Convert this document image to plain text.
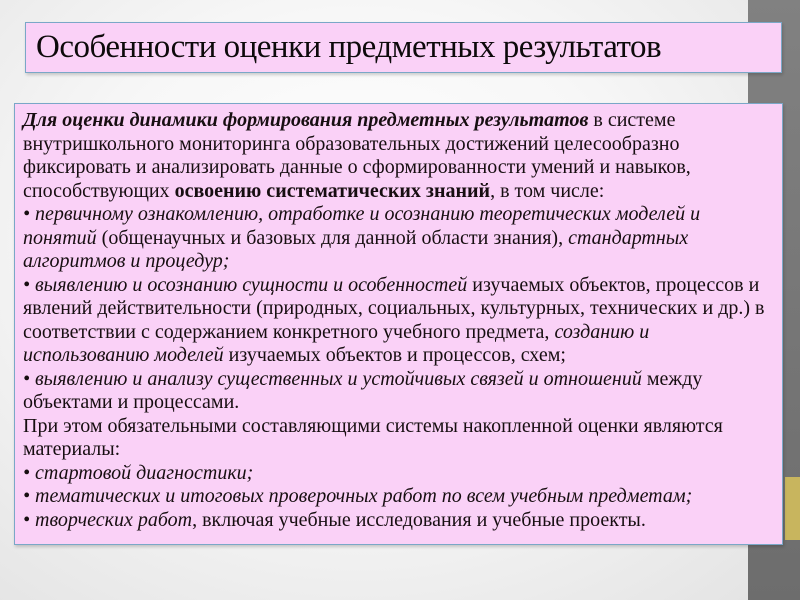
Особенности оценки предметных результатов

Для оценки динамики формирования предметных результатов в системе внутришкольного мониторинга образовательных достижений целесообразно фиксировать и анализировать данные о сформированности умений и навыков, способствующих освоению систематических знаний, в том числе:

• первичному ознакомлению, отработке и осознанию теоретических моделей и понятий (общенаучных и базовых для данной области знания), стандартных алгоритмов и процедур;

• выявлению и осознанию сущности и особенностей изучаемых объектов, процессов и явлений действительности (природных, социальных, культурных, технических и др.) в соответствии с содержанием конкретного учебного предмета, созданию и использованию моделей изучаемых объектов и процессов, схем;

• выявлению и анализу существенных и устойчивых связей и отношений между объектами и процессами.

При этом обязательными составляющими системы накопленной оценки являются материалы:

• стартовой диагностики;

• тематических и итоговых проверочных работ по всем учебным предметам;

• творческих работ, включая учебные исследования и учебные проекты.
